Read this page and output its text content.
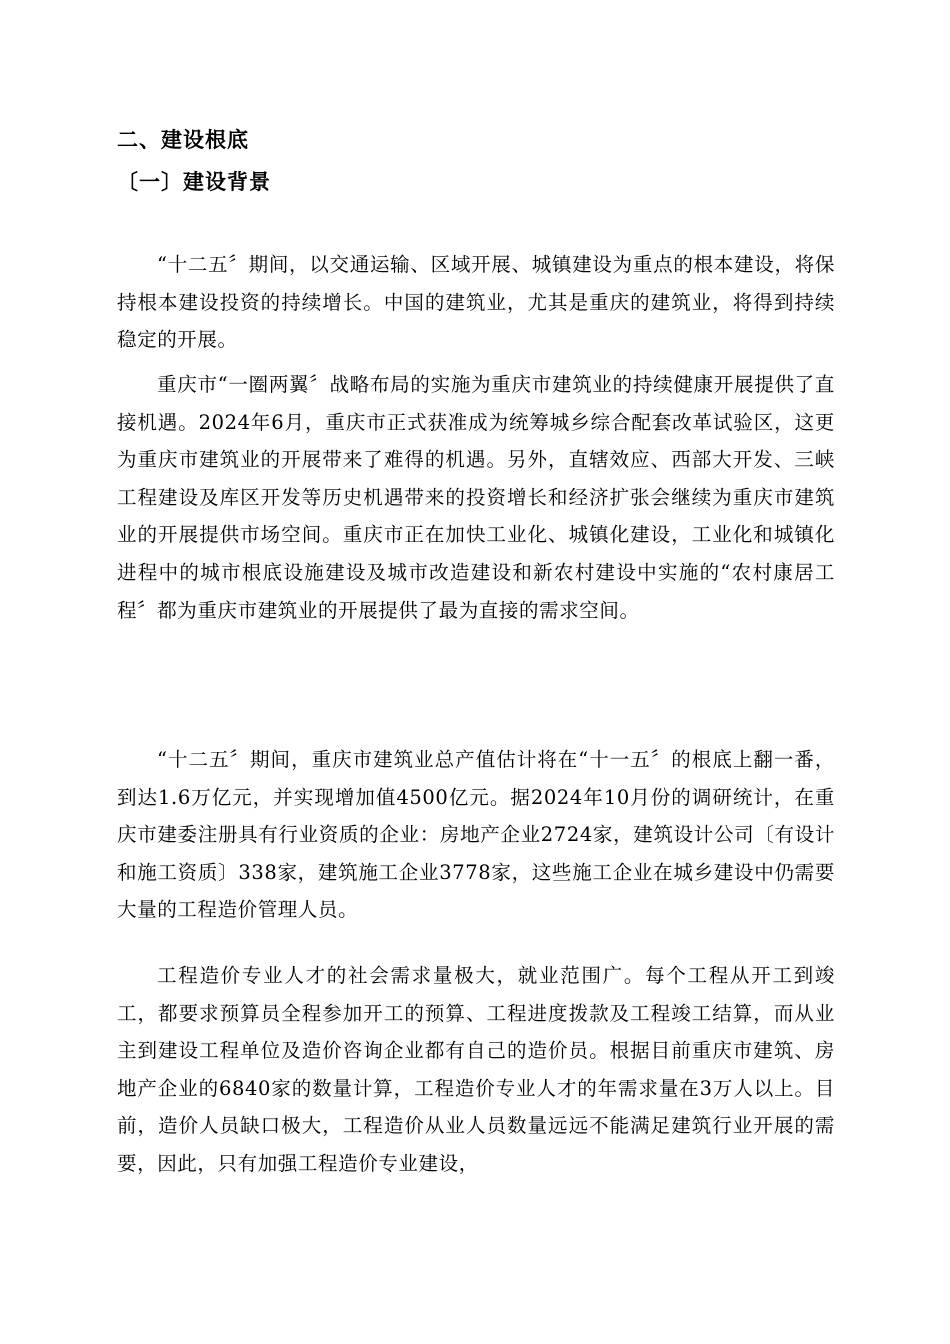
二、建设根底
〔一〕建设背景

“十二五〞期间，以交通运输、区域开展、城镇建设为重点的根本建设，将保持根本建设投资的持续增长。中国的建筑业，尤其是重庆的建筑业，将得到持续稳定的开展。

重庆市“一圈两翼〞战略布局的实施为重庆市建筑业的持续健康开展提供了直接机遇。2024年6月，重庆市正式获准成为统筹城乡综合配套改革试验区，这更为重庆市建筑业的开展带来了难得的机遇。另外，直辖效应、西部大开发、三峡工程建设及库区开发等历史机遇带来的投资增长和经济扩张会继续为重庆市建筑业的开展提供市场空间。重庆市正在加快工业化、城镇化建设，工业化和城镇化进程中的城市根底设施建设及城市改造建设和新农村建设中实施的“农村康居工程〞都为重庆市建筑业的开展提供了最为直接的需求空间。

“十二五〞期间，重庆市建筑业总产值估计将在“十一五〞的根底上翻一番，到达1.6万亿元，并实现增加值4500亿元。据2024年10月份的调研统计，在重庆市建委注册具有行业资质的企业：房地产企业2724家，建筑设计公司〔有设计和施工资质〕338家，建筑施工企业3778家，这些施工企业在城乡建设中仍需要大量的工程造价管理人员。

工程造价专业人才的社会需求量极大，就业范围广。每个工程从开工到竣工，都要求预算员全程参加开工的预算、工程进度拨款及工程竣工结算，而从业主到建设工程单位及造价咨询企业都有自己的造价员。根据目前重庆市建筑、房地产企业的6840家的数量计算，工程造价专业人才的年需求量在3万人以上。目前，造价人员缺口极大，工程造价从业人员数量远远不能满足建筑行业开展的需要，因此，只有加强工程造价专业建设，
